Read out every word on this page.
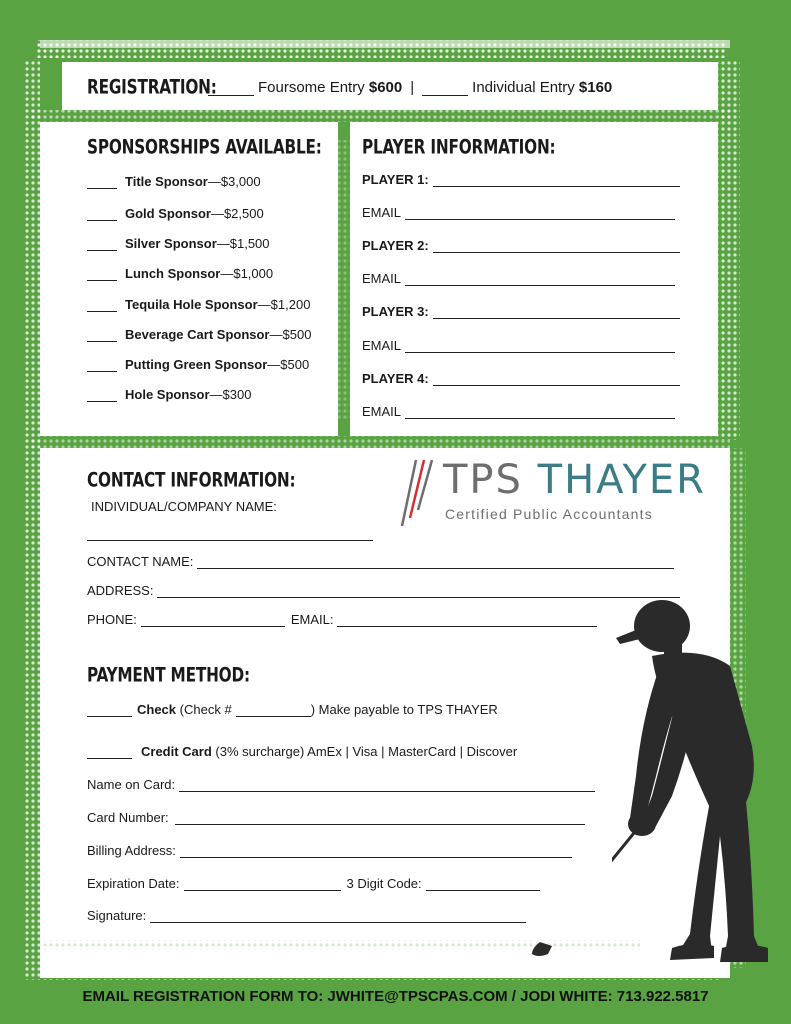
REGISTRATION:	Foursome Entry
$600 |	Individual Entry
$160
SPONSORSHIPS AVAILABLE:
Title Sponsor —$3,000
Gold Sponsor —$2,500
Silver Sponsor —$1,500
Lunch Sponsor —$1,000
Tequila Hole Sponsor —$1,200
Beverage Cart Sponsor —$500
Putting Green Sponsor —$500
Hole Sponsor —$300
PLAYER INFORMATION:
PLAYER 1:
EMAIL
PLAYER 2:
EMAIL
PLAYER 3:
EMAIL
PLAYER 4:
EMAIL
CONTACT INFORMATION:
INDIVIDUAL/COMPANY NAME:
TPS THAYER
Certified Public Accountants
CONTACT NAME:
ADDRESS:
PHONE:	EMAIL:
PAYMENT METHOD:
Check
(Check #	) Make payable to TPS THAYER
Credit Card
(3% surcharge) AmEx | Visa | MasterCard | Discover
Name on Card:
Card Number:
Billing Address:
Expiration Date:	3 Digit Code:
Signature:
EMAIL REGISTRATION FORM TO: JWHITE@TPSCPAS.COM / JODI WHITE: 713.922.5817
